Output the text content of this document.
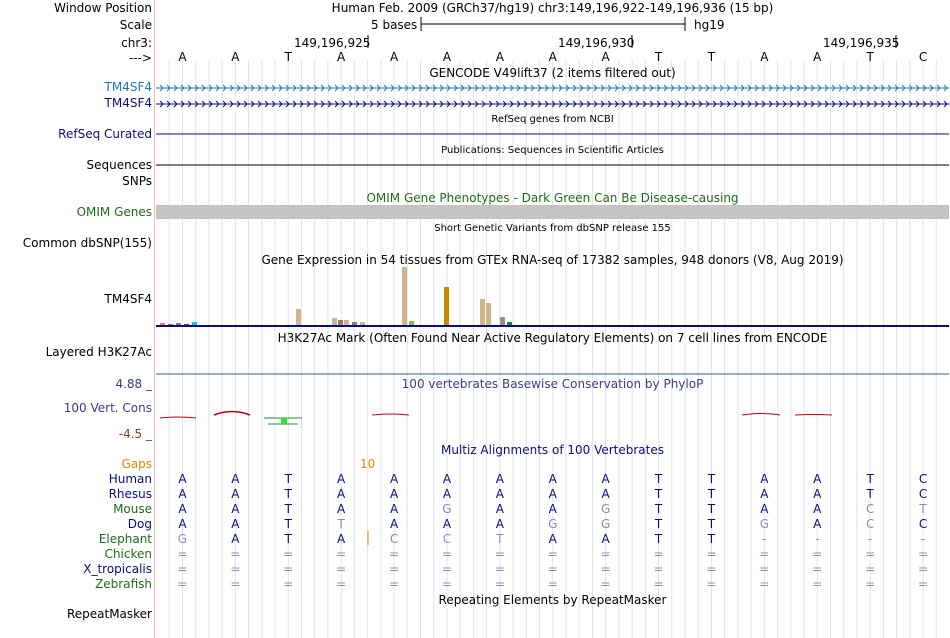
Window Position
Scale
chr3:
--->
Human Feb. 2009 (GRCh37/hg19) chr3:149,196,922-149,196,936 (15 bp)
5 bases	hg19
149,196,925	149,196,930	149,196,935
A	A	T	A	A	A	A	A	A	T	T	A	A	T	C
GENCODE V49lift37 (2 items filtered out)
TM4SF4
TM4SF4
RefSeq genes from NCBI
RefSeq Curated
Publications: Sequences in Scientific Articles
Sequences
SNPs
OMIM Gene Phenotypes - Dark Green Can Be Disease-causing
OMIM Genes
Short Genetic Variants from dbSNP release 155
Common dbSNP(155)
Gene Expression in 54 tissues from GTEx RNA-seq of 17382 samples, 948 donors (V8, Aug 2019)
TM4SF4
H3K27Ac Mark (Often Found Near Active Regulatory Elements) on 7 cell lines from ENCODE
Layered H3K27Ac
100 vertebrates Basewise Conservation by PhyloP
4.88 _
100 Vert. Cons
-4.5 _
Multiz Alignments of 100 Vertebrates
Gaps	10
Human	A	A	T	A	A	A	A	A	A	T	T	A	A	T	C
Rhesus	A	A	T	A	A	A	A	A	A	T	T	A	A	T	C
Mouse	A	A	T	A	A	G	A	A	G	T	T	A	A	C	T
Dog	A	A	T	T	A	A	A	G	G	T	T	G	A	C	C
Elephant	G	A	T	A	C	C	T	A	A	T	T	-	-	-	-
Chicken	=	=	=	=	=	=	=	=	=	=	=	=	=	=	=
X_tropicalis	=	=	=	=	=	=	=	=	=	=	=	=	=	=	=
Zebrafish	=	=	=	=	=	=	=	=	=	=	=	=	=	=	=
Repeating Elements by RepeatMasker
RepeatMasker
